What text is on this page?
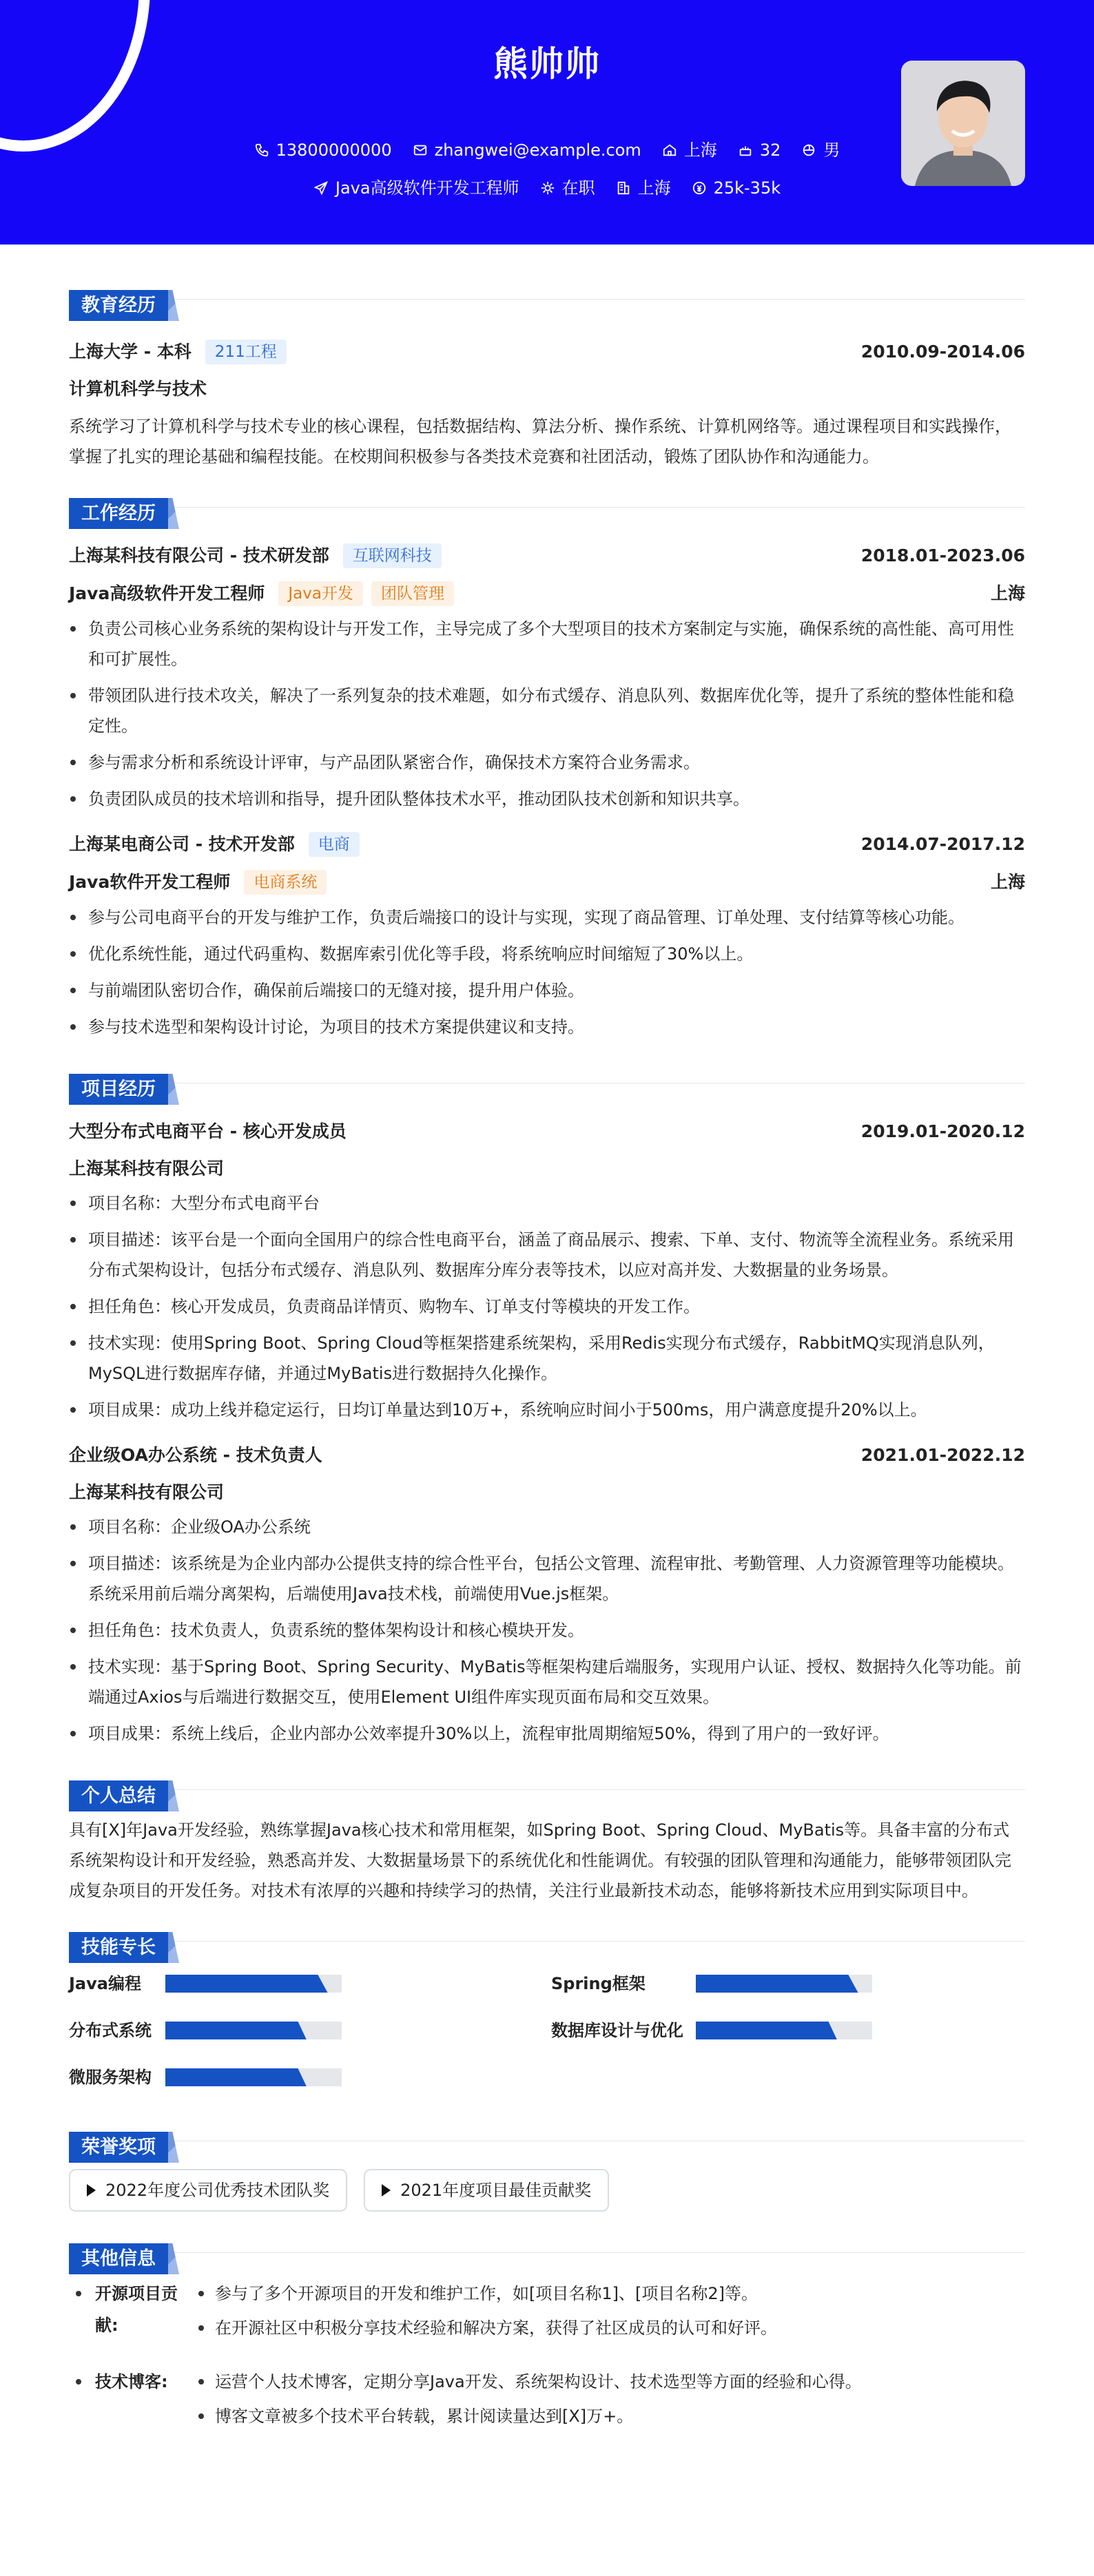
熊帅帅
13800000000	zhangwei@example.com	上海	32	男
Java高级软件开发工程师	在职	上海	25k-35k
教育经历
上海大学 - 本科	211工程	2010.09-2014.06
计算机科学与技术
系统学习了计算机科学与技术专业的核心课程，包括数据结构、算法分析、操作系统、计算机网络等。通过课程项目和实践操作，掌握了扎实的理论基础和编程技能。在校期间积极参与各类技术竞赛和社团活动，锻炼了团队协作和沟通能力。
工作经历
上海某科技有限公司 - 技术研发部	互联网科技	2018.01-2023.06
Java高级软件开发工程师	Java开发	团队管理	上海
负责公司核心业务系统的架构设计与开发工作，主导完成了多个大型项目的技术方案制定与实施，确保系统的高性能、高可用性和可扩展性。
带领团队进行技术攻关，解决了一系列复杂的技术难题，如分布式缓存、消息队列、数据库优化等，提升了系统的整体性能和稳定性。
参与需求分析和系统设计评审，与产品团队紧密合作，确保技术方案符合业务需求。
负责团队成员的技术培训和指导，提升团队整体技术水平，推动团队技术创新和知识共享。
上海某电商公司 - 技术开发部	电商	2014.07-2017.12
Java软件开发工程师	电商系统	上海
参与公司电商平台的开发与维护工作，负责后端接口的设计与实现，实现了商品管理、订单处理、支付结算等核心功能。
优化系统性能，通过代码重构、数据库索引优化等手段，将系统响应时间缩短了30%以上。
与前端团队密切合作，确保前后端接口的无缝对接，提升用户体验。
参与技术选型和架构设计讨论，为项目的技术方案提供建议和支持。
项目经历
大型分布式电商平台 - 核心开发成员	2019.01-2020.12
上海某科技有限公司
项目名称：大型分布式电商平台
项目描述：该平台是一个面向全国用户的综合性电商平台，涵盖了商品展示、搜索、下单、支付、物流等全流程业务。系统采用分布式架构设计，包括分布式缓存、消息队列、数据库分库分表等技术，以应对高并发、大数据量的业务场景。
担任角色：核心开发成员，负责商品详情页、购物车、订单支付等模块的开发工作。
技术实现：使用Spring Boot、Spring Cloud等框架搭建系统架构，采用Redis实现分布式缓存，RabbitMQ实现消息队列，MySQL进行数据库存储，并通过MyBatis进行数据持久化操作。
项目成果：成功上线并稳定运行，日均订单量达到10万+，系统响应时间小于500ms，用户满意度提升20%以上。
企业级OA办公系统 - 技术负责人	2021.01-2022.12
上海某科技有限公司
项目名称：企业级OA办公系统
项目描述：该系统是为企业内部办公提供支持的综合性平台，包括公文管理、流程审批、考勤管理、人力资源管理等功能模块。系统采用前后端分离架构，后端使用Java技术栈，前端使用Vue.js框架。
担任角色：技术负责人，负责系统的整体架构设计和核心模块开发。
技术实现：基于Spring Boot、Spring Security、MyBatis等框架构建后端服务，实现用户认证、授权、数据持久化等功能。前端通过Axios与后端进行数据交互，使用Element UI组件库实现页面布局和交互效果。
项目成果：系统上线后，企业内部办公效率提升30%以上，流程审批周期缩短50%，得到了用户的一致好评。
个人总结
具有[X]年Java开发经验，熟练掌握Java核心技术和常用框架，如Spring Boot、Spring Cloud、MyBatis等。具备丰富的分布式系统架构设计和开发经验，熟悉高并发、大数据量场景下的系统优化和性能调优。有较强的团队管理和沟通能力，能够带领团队完成复杂项目的开发任务。对技术有浓厚的兴趣和持续学习的热情，关注行业最新技术动态，能够将新技术应用到实际项目中。
技能专长
Java编程	Spring框架
分布式系统	数据库设计与优化
微服务架构
荣誉奖项
2022年度公司优秀技术团队奖	2021年度项目最佳贡献奖
其他信息
开源项目贡献:
参与了多个开源项目的开发和维护工作，如[项目名称1]、[项目名称2]等。
在开源社区中积极分享技术经验和解决方案，获得了社区成员的认可和好评。
技术博客:	运营个人技术博客，定期分享Java开发、系统架构设计、技术选型等方面的经验和心得。
博客文章被多个技术平台转载，累计阅读量达到[X]万+。
